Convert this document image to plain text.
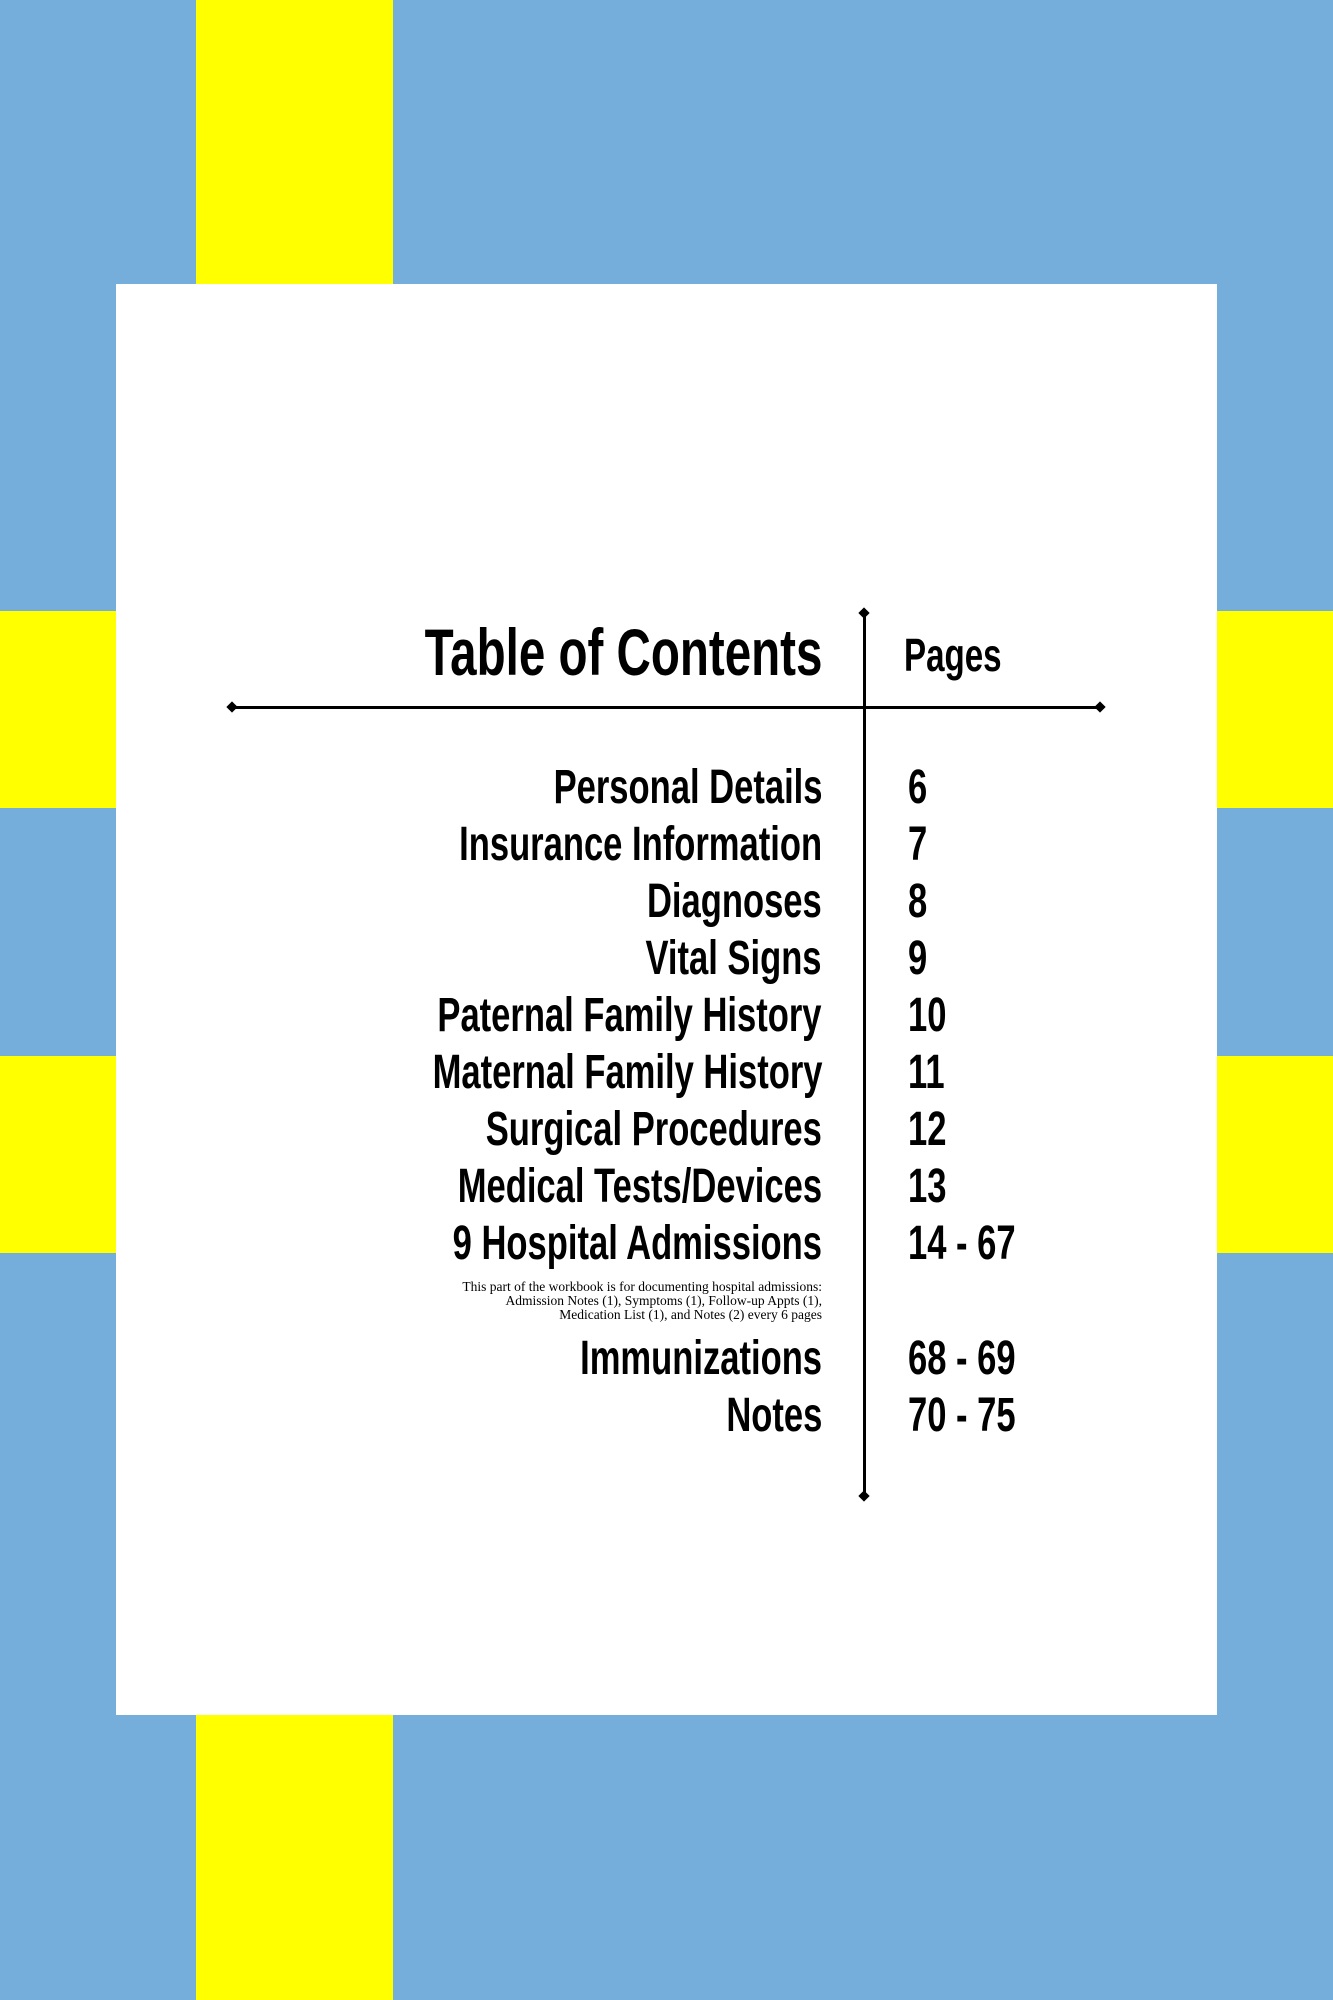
Table of Contents Pages
Personal Details 6
Insurance Information 7
Diagnoses 8
Vital Signs 9
Paternal Family History 10
Maternal Family History 11
Surgical Procedures 12
Medical Tests/Devices 13
9 Hospital Admissions 14 - 67
This part of the workbook is for documenting hospital admissions:
Admission Notes (1), Symptoms (1), Follow-up Appts (1),
Medication List (1), and Notes (2) every 6 pages
Immunizations 68 - 69
Notes 70 - 75
